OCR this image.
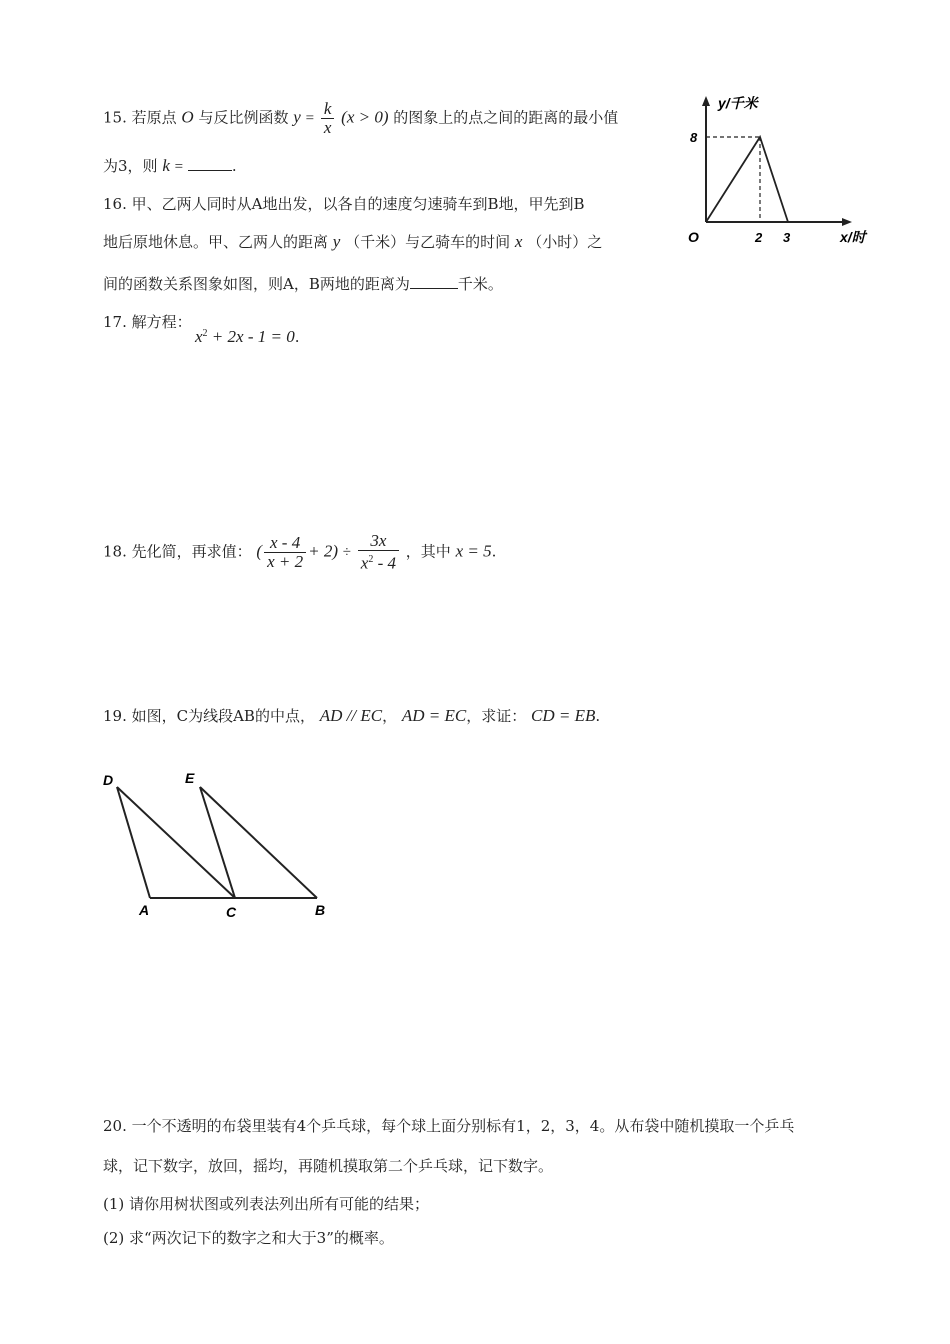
15. 若原点 O 与反比例函数 $y = \frac{k}{x} (x > 0)$ 的图象上的点之间的距离的最小值
为3，则 k =	.
y/千米
x/时
O
8
2 3
16. 甲、乙两人同时从A地出发，以各自的速度匀速骑车到B地，甲先到B
地后原地休息。甲、乙两人的距离 y （千米）与乙骑车的时间 x （小时）之
间的函数关系图象如图，则A，B两地的距离为	千米。
17. 解方程：
$x^2 + 2x - 1 = 0$.
18. 先化简，再求值： ( $\frac{x - 4}{x + 2} + 2) \div \frac{3x}{x^2 - 4}$ ，其中 x = 5.
19. 如图，C为线段AB的中点， AD // EC， AD = EC，求证： CD = EB.
D	E
A	C	B
20. 一个不透明的布袋里装有4个乒乓球，每个球上面分别标有1，2，3，4。从布袋中随机摸取一个乒乓
球，记下数字，放回，摇均，再随机摸取第二个乒乓球，记下数字。
(1) 请你用树状图或列表法列出所有可能的结果；
(2) 求“两次记下的数字之和大于3”的概率。
